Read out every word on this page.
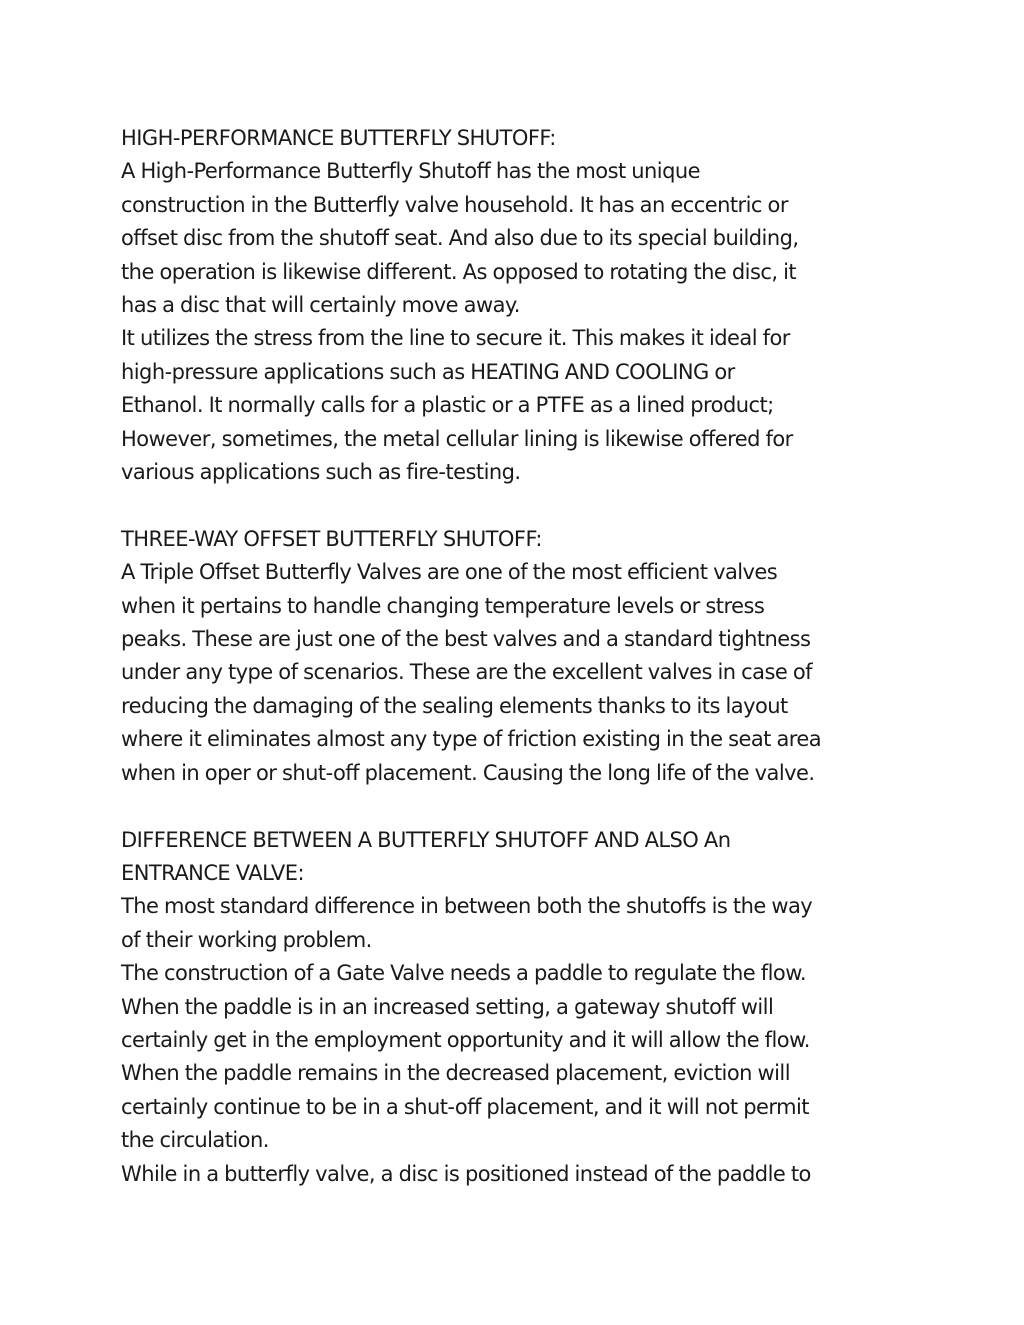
HIGH-PERFORMANCE BUTTERFLY SHUTOFF:

A High-Performance Butterfly Shutoff has the most unique

construction in the Butterfly valve household. It has an eccentric or

offset disc from the shutoff seat. And also due to its special building,

the operation is likewise different. As opposed to rotating the disc, it

has a disc that will certainly move away.

It utilizes the stress from the line to secure it. This makes it ideal for

high-pressure applications such as HEATING AND COOLING or

Ethanol. It normally calls for a plastic or a PTFE as a lined product;

However, sometimes, the metal cellular lining is likewise offered for

various applications such as fire-testing.

THREE-WAY OFFSET BUTTERFLY SHUTOFF:

A Triple Offset Butterfly Valves are one of the most efficient valves

when it pertains to handle changing temperature levels or stress

peaks. These are just one of the best valves and a standard tightness

under any type of scenarios. These are the excellent valves in case of

reducing the damaging of the sealing elements thanks to its layout

where it eliminates almost any type of friction existing in the seat area

when in oper or shut-off placement. Causing the long life of the valve.

DIFFERENCE BETWEEN A BUTTERFLY SHUTOFF AND ALSO An

ENTRANCE VALVE:

The most standard difference in between both the shutoffs is the way

of their working problem.

The construction of a Gate Valve needs a paddle to regulate the flow.

When the paddle is in an increased setting, a gateway shutoff will

certainly get in the employment opportunity and it will allow the flow.

When the paddle remains in the decreased placement, eviction will

certainly continue to be in a shut-off placement, and it will not permit

the circulation.

While in a butterfly valve, a disc is positioned instead of the paddle to
